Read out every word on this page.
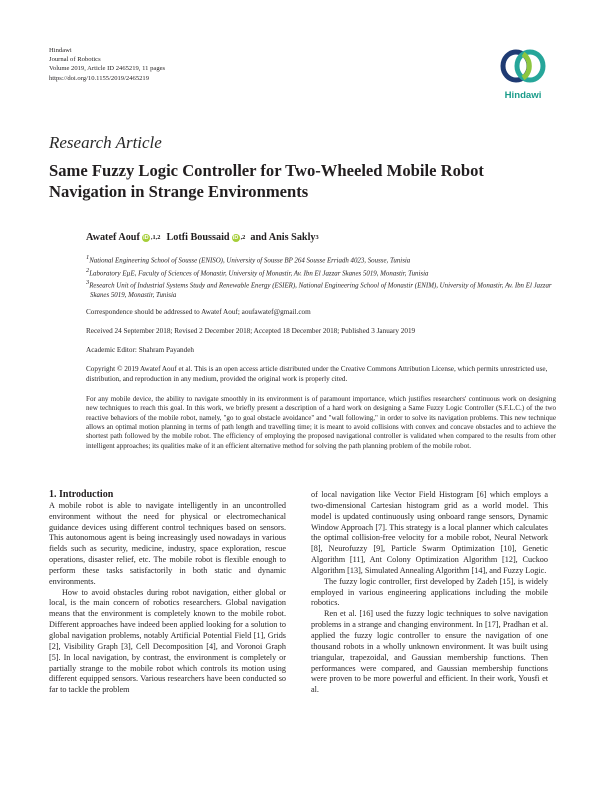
Hindawi
Journal of Robotics
Volume 2019, Article ID 2465219, 11 pages
https://doi.org/10.1155/2019/2465219
Hindawi
Research Article
Same Fuzzy Logic Controller for Two-Wheeled Mobile Robot Navigation in Strange Environments
Awatef Aouf iD ,1,2 Lotfi Boussaid iD ,2 and Anis Sakly 3
$^1$National Engineering School of Sousse (ENISO), University of Sousse BP 264 Sousse Erriadh 4023, Sousse, Tunisia
$^2$Laboratory EµE, Faculty of Sciences of Monastir, University of Monastir, Av. Ibn El Jazzar Skanes 5019, Monastir, Tunisia
$^3$Research Unit of Industrial Systems Study and Renewable Energy (ESIER), National Engineering School of Monastir (ENIM), University of Monastir, Av. Ibn El Jazzar Skanes 5019, Monastir, Tunisia
Correspondence should be addressed to Awatef Aouf; aoufawatef@gmail.com
Received 24 September 2018; Revised 2 December 2018; Accepted 18 December 2018; Published 3 January 2019
Academic Editor: Shahram Payandeh
Copyright © 2019 Awatef Aouf et al. This is an open access article distributed under the Creative Commons Attribution License, which permits unrestricted use, distribution, and reproduction in any medium, provided the original work is properly cited.
For any mobile device, the ability to navigate smoothly in its environment is of paramount importance, which justifies researchers' continuous work on designing new techniques to reach this goal. In this work, we briefly present a description of a hard work on designing a Same Fuzzy Logic Controller (S.F.L.C.) of the two reactive behaviors of the mobile robot, namely, "go to goal obstacle avoidance" and "wall following," in order to solve its navigation problems. This new technique allows an optimal motion planning in terms of path length and travelling time; it is meant to avoid collisions with convex and concave obstacles and to achieve the shortest path followed by the mobile robot. The efficiency of employing the proposed navigational controller is validated when compared to the results from other intelligent approaches; its qualities make of it an efficient alternative method for solving the path planning problem of the mobile robot.

1. Introduction

A mobile robot is able to navigate intelligently in an uncontrolled environment without the need for physical or electromechanical guidance devices using different control techniques based on sensors. This autonomous agent is being increasingly used nowadays in various fields such as security, medicine, industry, space exploration, rescue operations, disaster relief, etc. The mobile robot is flexible enough to perform these tasks satisfactorily in both static and dynamic environments.

How to avoid obstacles during robot navigation, either global or local, is the main concern of robotics researchers. Global navigation means that the environment is completely known to the mobile robot. Different approaches have indeed been applied looking for a solution to global navigation problems, notably Artificial Potential Field [1], Grids [2], Visibility Graph [3], Cell Decomposition [4], and Voronoi Graph [5]. In local navigation, by contrast, the environment is completely or partially strange to the mobile robot which controls its motion using different equipped sensors. Various researchers have been conducted so far to tackle the problem

of local navigation like Vector Field Histogram [6] which employs a two-dimensional Cartesian histogram grid as a world model. This model is updated continuously using onboard range sensors, Dynamic Window Approach [7]. This strategy is a local planner which calculates the optimal collision-free velocity for a mobile robot, Neural Network [8], Neurofuzzy [9], Particle Swarm Optimization [10], Genetic Algorithm [11], Ant Colony Optimization Algorithm [12], Cuckoo Algorithm [13], Simulated Annealing Algorithm [14], and Fuzzy Logic.

The fuzzy logic controller, first developed by Zadeh [15], is widely employed in various engineering applications including the mobile robotics.

Ren et al. [16] used the fuzzy logic techniques to solve navigation problems in a strange and changing environment. In [17], Pradhan et al. applied the fuzzy logic controller to ensure the navigation of one thousand robots in a wholly unknown environment. It was built using triangular, trapezoidal, and Gaussian membership functions. Then performances were compared, and Gaussian membership functions were proven to be more powerful and efficient. In their work, Yousfi et al.
